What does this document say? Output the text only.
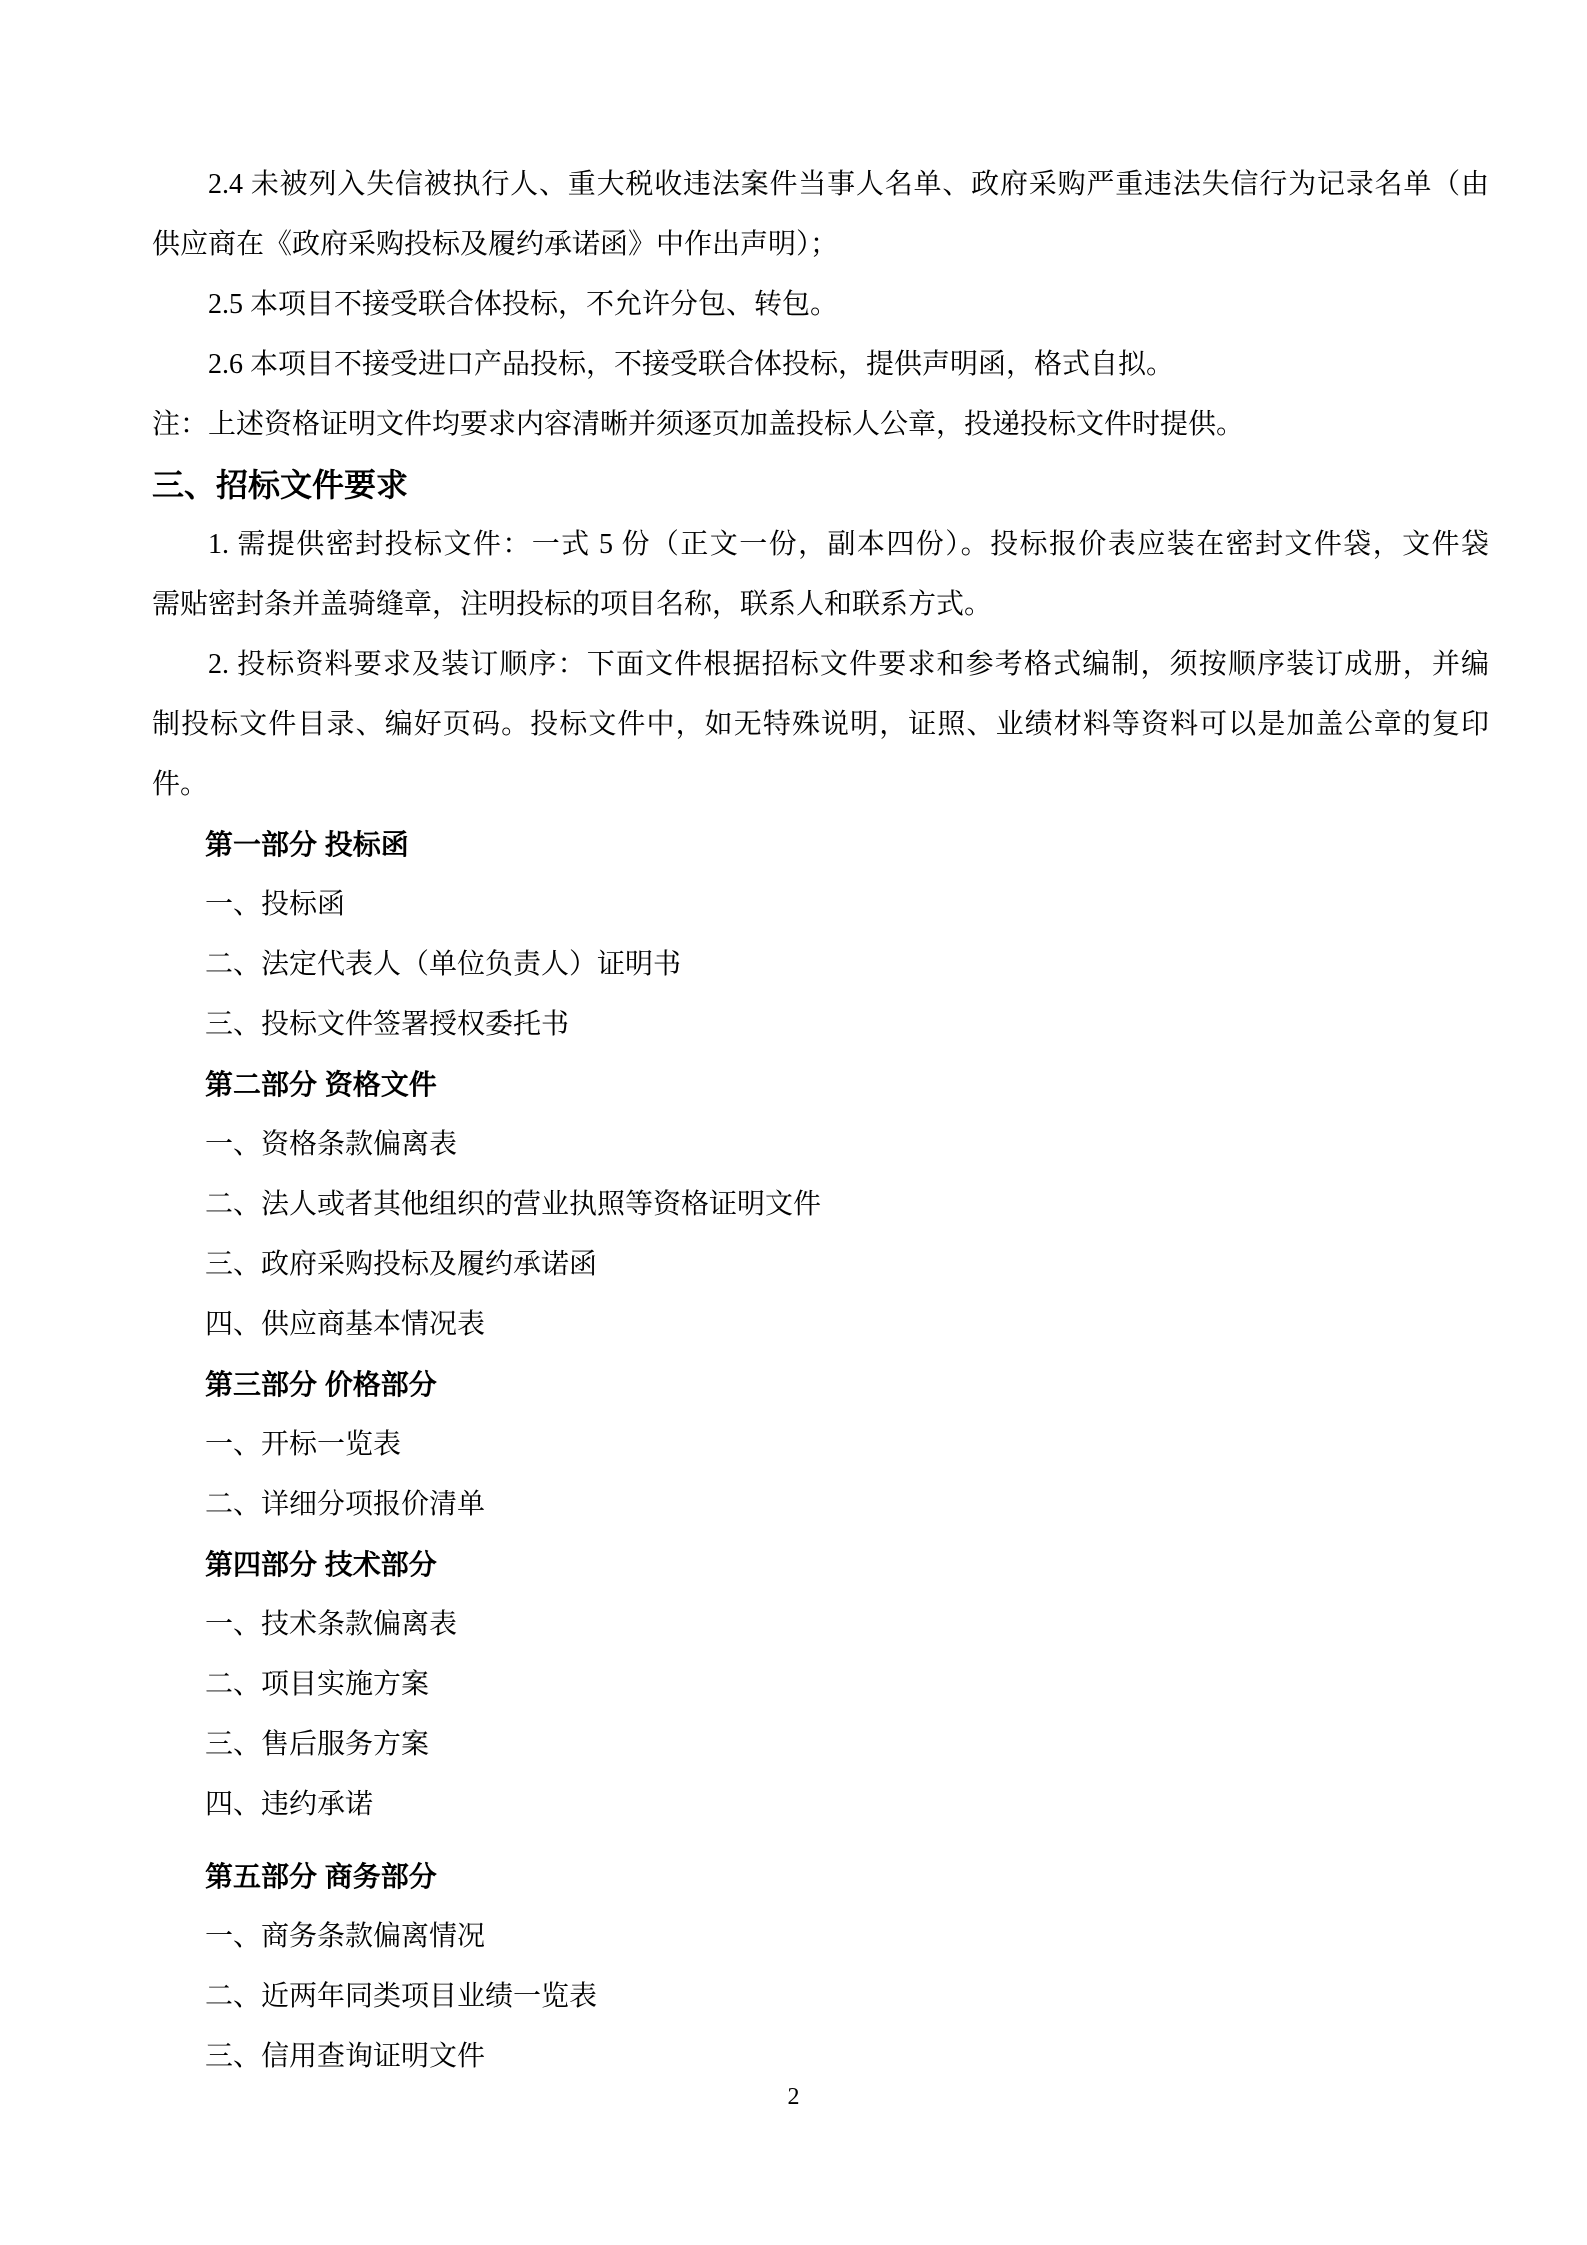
2.4 未被列入失信被执行人、重大税收违法案件当事人名单、政府采购严重违法失信行为记录名单（由
供应商在《政府采购投标及履约承诺函》中作出声明）；
2.5 本项目不接受联合体投标，不允许分包、转包。
2.6 本项目不接受进口产品投标，不接受联合体投标，提供声明函，格式自拟。
注：上述资格证明文件均要求内容清晰并须逐页加盖投标人公章，投递投标文件时提供。
三、招标文件要求
1. 需提供密封投标文件：一式 5 份（正文一份，副本四份）。投标报价表应装在密封文件袋，文件袋
需贴密封条并盖骑缝章，注明投标的项目名称，联系人和联系方式。
2. 投标资料要求及装订顺序：下面文件根据招标文件要求和参考格式编制，须按顺序装订成册，并编
制投标文件目录、编好页码。投标文件中，如无特殊说明，证照、业绩材料等资料可以是加盖公章的复印
件。
第一部分 投标函
一、投标函
二、法定代表人（单位负责人）证明书
三、投标文件签署授权委托书
第二部分 资格文件
一、资格条款偏离表
二、法人或者其他组织的营业执照等资格证明文件
三、政府采购投标及履约承诺函
四、供应商基本情况表
第三部分 价格部分
一、开标一览表
二、详细分项报价清单
第四部分 技术部分
一、技术条款偏离表
二、项目实施方案
三、售后服务方案
四、违约承诺
第五部分 商务部分
一、商务条款偏离情况
二、近两年同类项目业绩一览表
三、信用查询证明文件
2
